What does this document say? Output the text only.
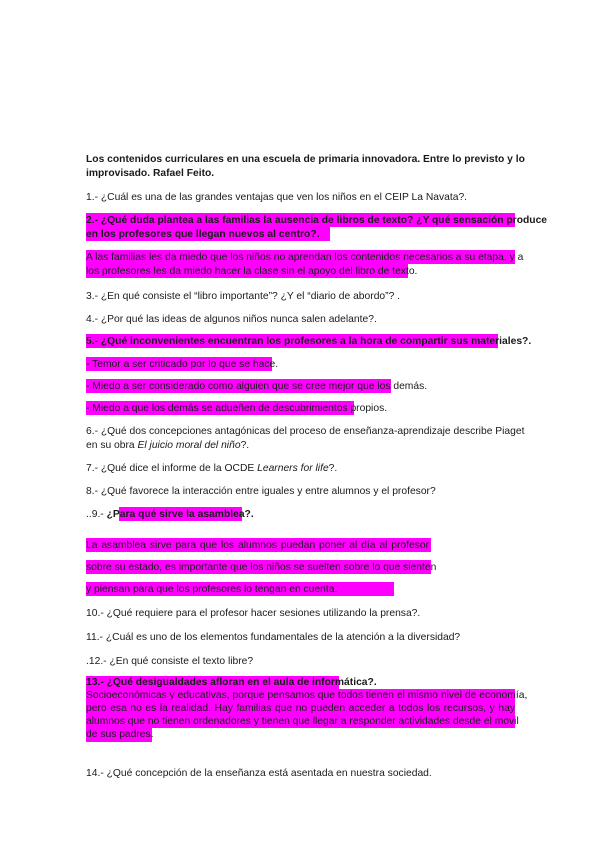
Los contenidos curriculares en una escuela de primaria innovadora. Entre lo previsto y lo
improvisado. Rafael Feito.
1.- ¿Cuál es una de las grandes ventajas que ven los niños en el CEIP La Navata?.
2.- ¿Qué duda plantea a las familias la ausencia de libros de texto? ¿Y qué sensación produce
en los profesores que llegan nuevos al centro?.
A las familias les da miedo que los niños no aprendan los contenidos necesarios a su etapa, y a
los profesores les da miedo hacer la clase sin el apoyo del libro de texto.
3.- ¿En qué consiste el “libro importante”? ¿Y el “diario de abordo”? .
4.- ¿Por qué las ideas de algunos niños nunca salen adelante?.
5.- ¿Qué inconvenientes encuentran los profesores a la hora de compartir sus materiales?.
- Temor a ser criticado por lo que se hace.
- Miedo a ser considerado como alguien que se cree mejor que los demás.
- Miedo a que los demás se adueñen de descubrimientos propios.
6.- ¿Qué dos concepciones antagónicas del proceso de enseñanza-aprendizaje describe Piaget
en su obra El juicio moral del niño?.
7.- ¿Qué dice el informe de la OCDE Learners for life?.
8.- ¿Qué favorece la interacción entre iguales y entre alumnos y el profesor?
..9.- ¿Para qué sirve la asamblea?.
La asamblea sirve para que los alumnos puedan poner al día al profesor
sobre su estado, es importante que los niños se suelten sobre lo que sienten
y piensan para que los profesores lo tengan en cuenta.
10.- ¿Qué requiere para el profesor hacer sesiones utilizando la prensa?.
11.- ¿Cuál es uno de los elementos fundamentales de la atención a la diversidad?
.12.- ¿En qué consiste el texto libre?
13.- ¿Qué desigualdades afloran en el aula de informática?.
Socioeconómicas y educativas, porque pensamos que todos tienen el mismo nivel de economía,
pero esa no es la realidad. Hay familias que no pueden acceder a todos los recursos, y hay
alumnos que no tienen ordenadores y tienen que llegar a responder actividades desde el movil
de sus padres.
14.- ¿Qué concepción de la enseñanza está asentada en nuestra sociedad.
